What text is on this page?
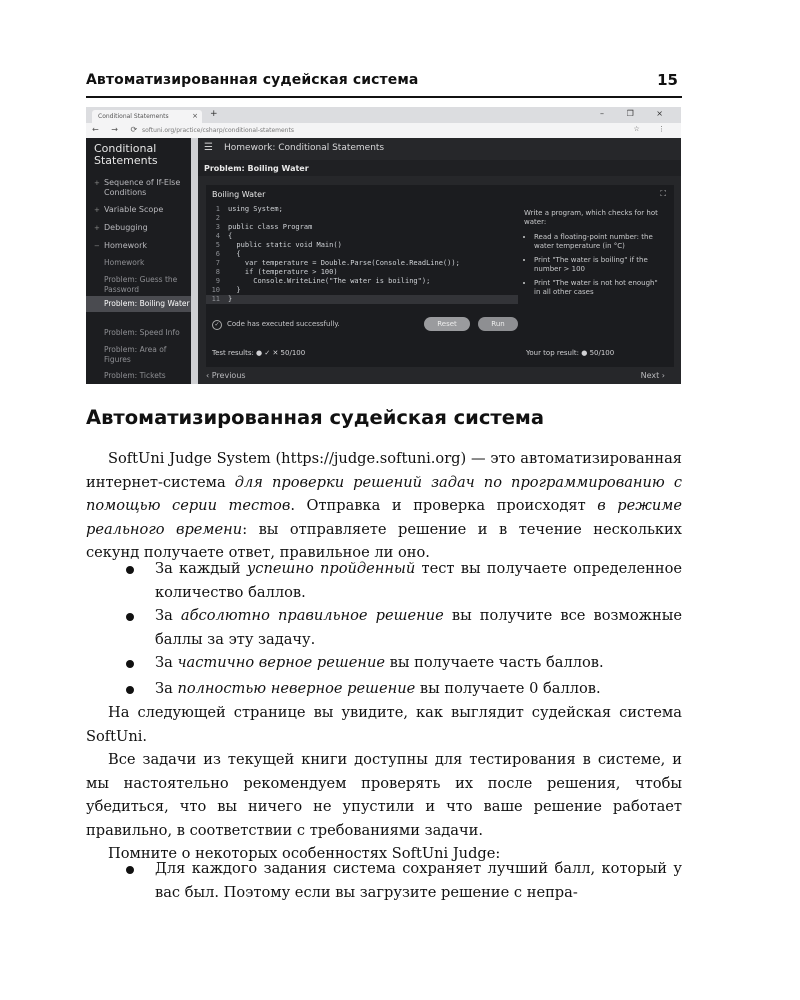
Автоматизированная судейская система	15
Conditional Statements	× +	– ❐ ×
← → ⟳ softuni.org/practice/csharp/conditional-statements	☆ ⋮
Conditional Statements
+ Sequence of If-Else Conditions
+ Variable Scope
+ Debugging
− Homework
Homework
Problem: Guess the Password
Problem: Boiling Water
Problem: Speed Info
Problem: Area of Figures
Problem: Tickets
☰ Homework: Conditional Statements
Problem: Boiling Water
Boiling Water	⛶
1 using System;
2
3 public class Program
4 {
5  public static void Main()
6  {
7    var temperature = Double.Parse(Console.ReadLine());
8    if (temperature > 100)
9      Console.WriteLine("The water is boiling");
10  }
11 }

Write a program, which checks for hot water:

• Read a floating-point number: the water temperature (in °C)
• Print "The water is boiling" if the number > 100
• Print "The water is not hot enough" in all other cases
✓ Code has executed successfully.	Reset	Run
Test results: ● ✓ ✕ 50/100	Your top result: ● 50/100
‹ Previous	Next ›
Автоматизированная судейская система
SoftUni Judge System (https://judge.softuni.org) — это автоматизированная интернет-система для проверки решений задач по программированию с помощью серии тестов. Отправка и проверка происходят в режиме реального времени: вы отправляете решение и в течение нескольких секунд получаете ответ, правильное ли оно.
За каждый успешно пройденный тест вы получаете определенное количество баллов.
За абсолютно правильное решение вы получите все возможные баллы за эту задачу.
За частично верное решение вы получаете часть баллов.
За полностью неверное решение вы получаете 0 баллов.
На следующей странице вы увидите, как выглядит судейская система SoftUni.
Все задачи из текущей книги доступны для тестирования в системе, и мы настоятельно рекомендуем проверять их после решения, чтобы убедиться, что вы ничего не упустили и что ваше решение работает правильно, в соответствии с требованиями задачи.
Помните о некоторых особенностях SoftUni Judge:
Для каждого задания система сохраняет лучший балл, который у вас был. Поэтому если вы загрузите решение с непра-
